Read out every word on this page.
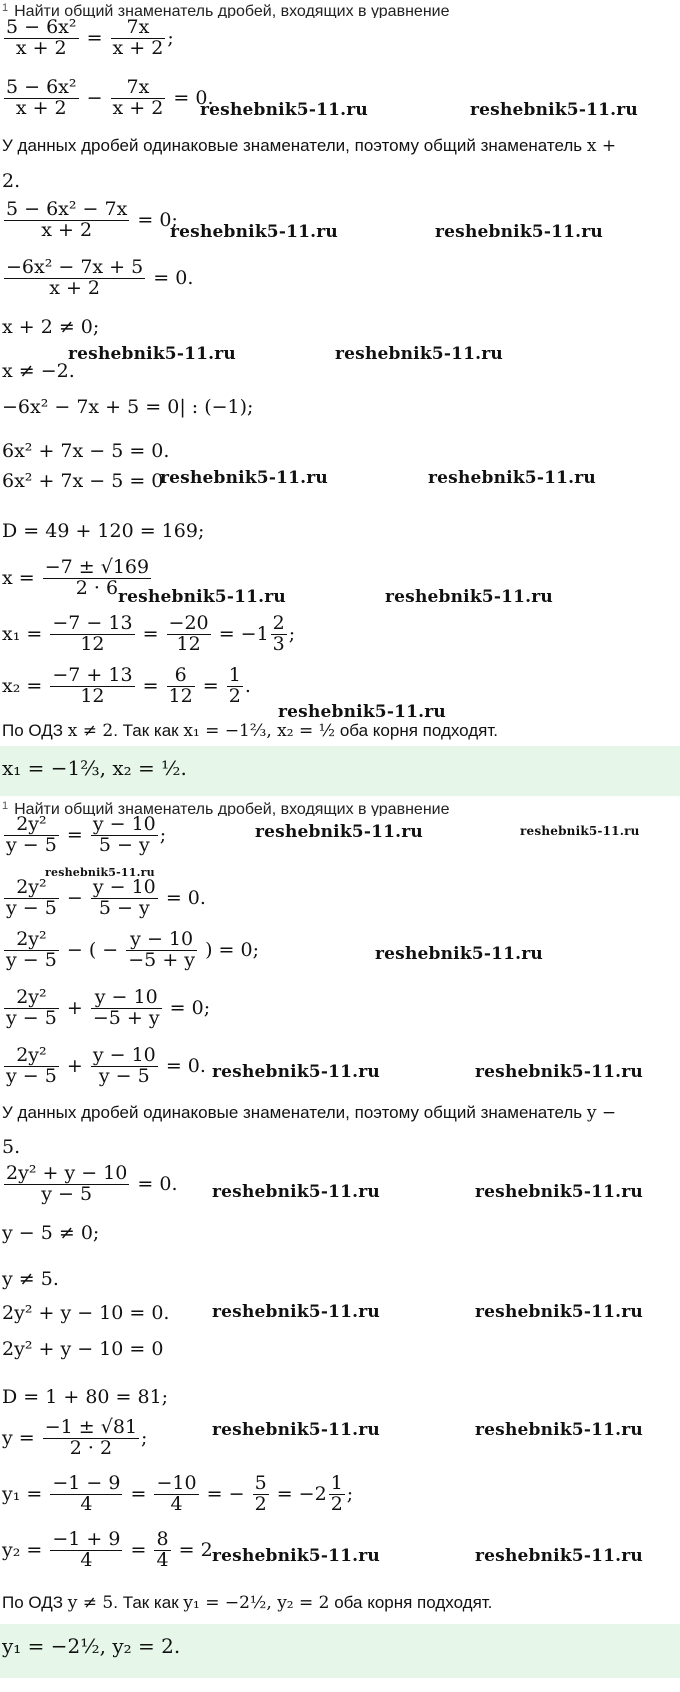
1 Найти общий знаменатель дробей, входящих в уравнение
$\frac{\text{5 − 6x²}}{x + 2} = \frac{7x}{x + 2}$ ;
$\frac{\text{5 − 6x²}}{x + 2} - \frac{7x}{x + 2} = 0$.
reshebnik5-11.ru	reshebnik5-11.ru
У данных дробей одинаковые знаменатели, поэтому общий знаменатель x +
2.
$\frac{\text{5 − 6x² − 7x}}{x + 2} = 0$;
reshebnik5-11.ru	reshebnik5-11.ru
$\frac{\text{−6x² − 7x + 5}}{x + 2} = 0$.
x + 2 ≠ 0;
reshebnik5-11.ru	reshebnik5-11.ru
x ≠ −2.
−6x² − 7x + 5 = 0| : (−1);
6x² + 7x − 5 = 0.
6x² + 7x − 5 = 0
reshebnik5-11.ru	reshebnik5-11.ru
D = 49 + 120 = 169;
$x = \frac{-7 \pm √169}{2 \cdot 6}$
reshebnik5-11.ru	reshebnik5-11.ru
$x_1 = \frac{-7 - 13}{12} = \frac{-20}{12} = -1 \frac{2}{3}$ ;
$x_2 = \frac{-7 + 13}{12} = \frac{6}{12} = \frac{1}{2}$ .
По ОДЗ x ≠ 2. Так как x₁ = −1⅔, x₂ = ½ оба корня подходят.
reshebnik5-11.ru
x₁ = −1⅔, x₂ = ½.
1 Найти общий знаменатель дробей, входящих в уравнение
$\frac{\text{2y²}}{y - 5} = \frac{y - 10}{5 - y}$ ;	reshebnik5-11.ru	reshebnik5-11.ru
reshebnik5-11.ru
$\frac{\text{2y²}}{y - 5} - \frac{y - 10}{5 - y} = 0$.
$\frac{\text{2y²}}{y - 5}$ − ( − $\frac{y - 10}{-5 + y}$ ) = 0;	reshebnik5-11.ru
$\frac{\text{2y²}}{y - 5} + \frac{y - 10}{-5 + y} = 0$;
$\frac{\text{2y²}}{y - 5} + \frac{y - 10}{y - 5} = 0$. reshebnik5-11.ru	reshebnik5-11.ru
У данных дробей одинаковые знаменатели, поэтому общий знаменатель y −
5.
$\frac{\text{2y² + y − 10}}{y - 5} = 0$. reshebnik5-11.ru	reshebnik5-11.ru
y − 5 ≠ 0;
y ≠ 5.
2y² + y − 10 = 0.	reshebnik5-11.ru	reshebnik5-11.ru
2y² + y − 10 = 0
D = 1 + 80 = 81;
$y = \frac{-1 \pm √81}{2 \cdot 2}$ ;	reshebnik5-11.ru	reshebnik5-11.ru
$y_1 = \frac{-1 - 9}{4} = \frac{-10}{4}$ = − $\frac{5}{2} = -2 \frac{1}{2}$ ;
$y_2 = \frac{-1 + 9}{4} = \frac{8}{4} = 2$.
reshebnik5-11.ru	reshebnik5-11.ru
По ОДЗ y ≠ 5. Так как y₁ = −2½, y₂ = 2 оба корня подходят.
y₁ = −2½, y₂ = 2.
